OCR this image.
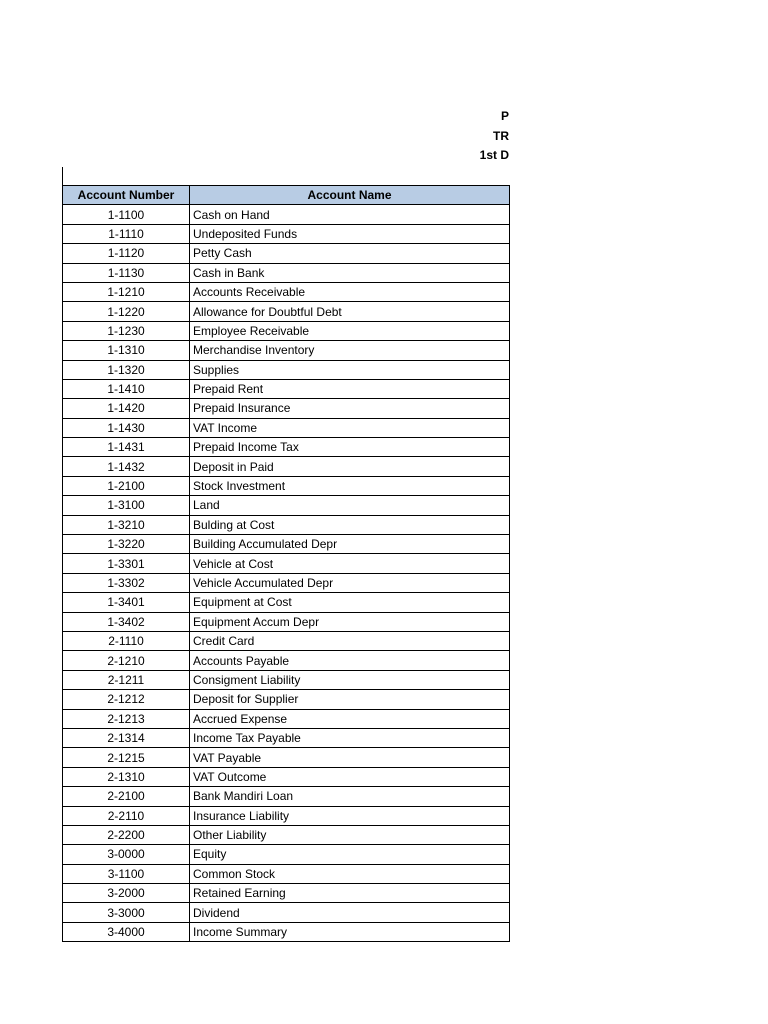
P
TR
1st D
Account Number	Account Name
1-1100	Cash on Hand
1-1110	Undeposited Funds
1-1120	Petty Cash
1-1130	Cash in Bank
1-1210	Accounts Receivable
1-1220	Allowance for Doubtful Debt
1-1230	Employee Receivable
1-1310	Merchandise Inventory
1-1320	Supplies
1-1410	Prepaid Rent
1-1420	Prepaid Insurance
1-1430	VAT Income
1-1431	Prepaid Income Tax
1-1432	Deposit in Paid
1-2100	Stock Investment
1-3100	Land
1-3210	Bulding at Cost
1-3220	Building Accumulated Depr
1-3301	Vehicle at Cost
1-3302	Vehicle Accumulated Depr
1-3401	Equipment at Cost
1-3402	Equipment Accum Depr
2-1110	Credit Card
2-1210	Accounts Payable
2-1211	Consigment Liability
2-1212	Deposit for Supplier
2-1213	Accrued Expense
2-1314	Income Tax Payable
2-1215	VAT Payable
2-1310	VAT Outcome
2-2100	Bank Mandiri Loan
2-2110	Insurance Liability
2-2200	Other Liability
3-0000	Equity
3-1100	Common Stock
3-2000	Retained Earning
3-3000	Dividend
3-4000	Income Summary
